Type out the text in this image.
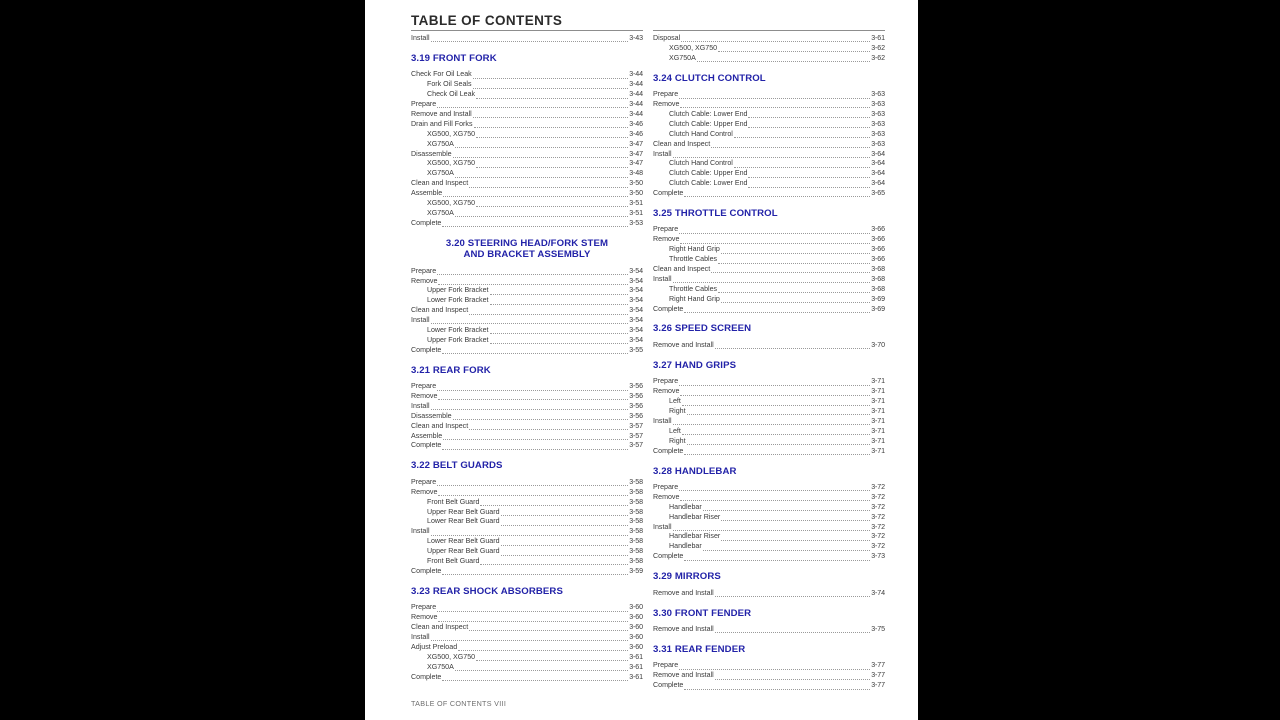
TABLE OF CONTENTS
Install	3-43
3.19 FRONT FORK
Check For Oil Leak	3-44
Fork Oil Seals	3-44
Check Oil Leak	3-44
Prepare	3-44
Remove and Install	3-44
Drain and Fill Forks	3-46
XG500, XG750	3-46
XG750A	3-47
Disassemble	3-47
XG500, XG750	3-47
XG750A	3-48
Clean and Inspect	3-50
Assemble	3-50
XG500, XG750	3-51
XG750A	3-51
Complete	3-53
3.20 STEERING HEAD/FORK STEM
AND BRACKET ASSEMBLY
Prepare	3-54
Remove	3-54
Upper Fork Bracket	3-54
Lower Fork Bracket	3-54
Clean and Inspect	3-54
Install	3-54
Lower Fork Bracket	3-54
Upper Fork Bracket	3-54
Complete	3-55
3.21 REAR FORK
Prepare	3-56
Remove	3-56
Install	3-56
Disassemble	3-56
Clean and Inspect	3-57
Assemble	3-57
Complete	3-57
3.22 BELT GUARDS
Prepare	3-58
Remove	3-58
Front Belt Guard	3-58
Upper Rear Belt Guard	3-58
Lower Rear Belt Guard	3-58
Install	3-58
Lower Rear Belt Guard	3-58
Upper Rear Belt Guard	3-58
Front Belt Guard	3-58
Complete	3-59
3.23 REAR SHOCK ABSORBERS
Prepare	3-60
Remove	3-60
Clean and Inspect	3-60
Install	3-60
Adjust Preload	3-60
XG500, XG750	3-61
XG750A	3-61
Complete	3-61
Disposal	3-61
XG500, XG750	3-62
XG750A	3-62
3.24 CLUTCH CONTROL
Prepare	3-63
Remove	3-63
Clutch Cable: Lower End	3-63
Clutch Cable: Upper End	3-63
Clutch Hand Control	3-63
Clean and Inspect	3-63
Install	3-64
Clutch Hand Control	3-64
Clutch Cable: Upper End	3-64
Clutch Cable: Lower End	3-64
Complete	3-65
3.25 THROTTLE CONTROL
Prepare	3-66
Remove	3-66
Right Hand Grip	3-66
Throttle Cables	3-66
Clean and Inspect	3-68
Install	3-68
Throttle Cables	3-68
Right Hand Grip	3-69
Complete	3-69
3.26 SPEED SCREEN
Remove and Install	3-70
3.27 HAND GRIPS
Prepare	3-71
Remove	3-71
Left	3-71
Right	3-71
Install	3-71
Left	3-71
Right	3-71
Complete	3-71
3.28 HANDLEBAR
Prepare	3-72
Remove	3-72
Handlebar	3-72
Handlebar Riser	3-72
Install	3-72
Handlebar Riser	3-72
Handlebar	3-72
Complete	3-73
3.29 MIRRORS
Remove and Install	3-74
3.30 FRONT FENDER
Remove and Install	3-75
3.31 REAR FENDER
Prepare	3-77
Remove and Install	3-77
Complete	3-77
TABLE OF CONTENTS VIII
